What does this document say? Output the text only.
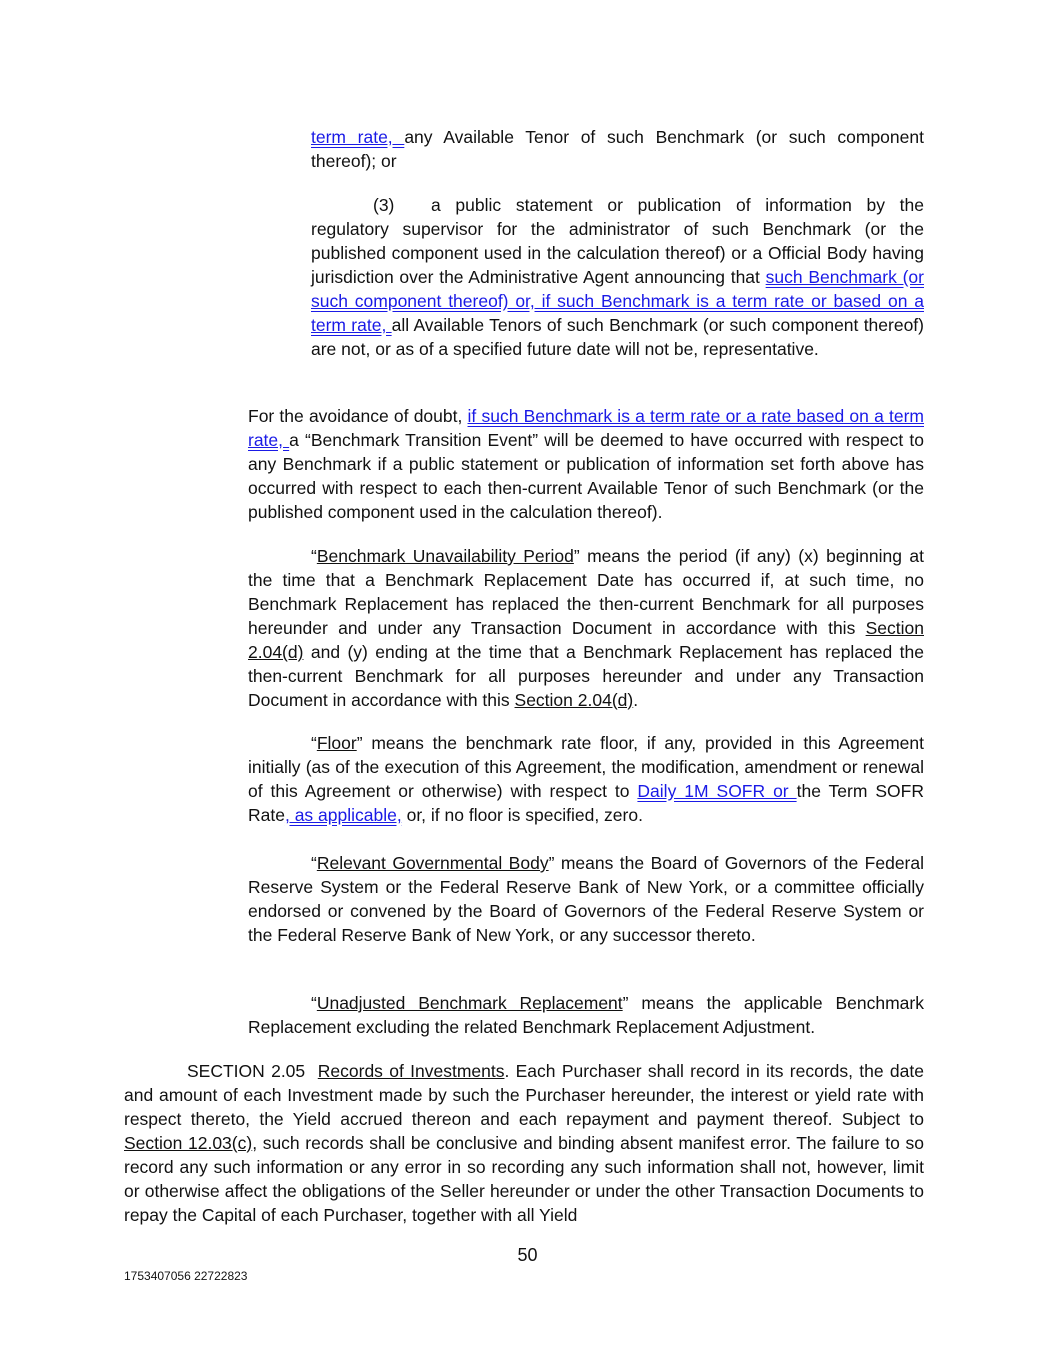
term rate, any Available Tenor of such Benchmark (or such component thereof); or

(3) a public statement or publication of information by the regulatory supervisor for the administrator of such Benchmark (or the published component used in the calculation thereof) or a Official Body having jurisdiction over the Administrative Agent announcing that such Benchmark (or such component thereof) or, if such Benchmark is a term rate or based on a term rate, all Available Tenors of such Benchmark (or such component thereof) are not, or as of a specified future date will not be, representative.

For the avoidance of doubt, if such Benchmark is a term rate or a rate based on a term rate, a “Benchmark Transition Event” will be deemed to have occurred with respect to any Benchmark if a public statement or publication of information set forth above has occurred with respect to each then-current Available Tenor of such Benchmark (or the published component used in the calculation thereof).

“Benchmark Unavailability Period” means the period (if any) (x) beginning at the time that a Benchmark Replacement Date has occurred if, at such time, no Benchmark Replacement has replaced the then-current Benchmark for all purposes hereunder and under any Transaction Document in accordance with this Section 2.04(d) and (y) ending at the time that a Benchmark Replacement has replaced the then-current Benchmark for all purposes hereunder and under any Transaction Document in accordance with this Section 2.04(d).

“Floor” means the benchmark rate floor, if any, provided in this Agreement initially (as of the execution of this Agreement, the modification, amendment or renewal of this Agreement or otherwise) with respect to Daily 1M SOFR or the Term SOFR Rate, as applicable, or, if no floor is specified, zero.

“Relevant Governmental Body” means the Board of Governors of the Federal Reserve System or the Federal Reserve Bank of New York, or a committee officially endorsed or convened by the Board of Governors of the Federal Reserve System or the Federal Reserve Bank of New York, or any successor thereto.

“Unadjusted Benchmark Replacement” means the applicable Benchmark Replacement excluding the related Benchmark Replacement Adjustment.

SECTION 2.05 Records of Investments. Each Purchaser shall record in its records, the date and amount of each Investment made by such the Purchaser hereunder, the interest or yield rate with respect thereto, the Yield accrued thereon and each repayment and payment thereof. Subject to Section 12.03(c), such records shall be conclusive and binding absent manifest error. The failure to so record any such information or any error in so recording any such information shall not, however, limit or otherwise affect the obligations of the Seller hereunder or under the other Transaction Documents to repay the Capital of each Purchaser, together with all Yield

50
1753407056 22722823
